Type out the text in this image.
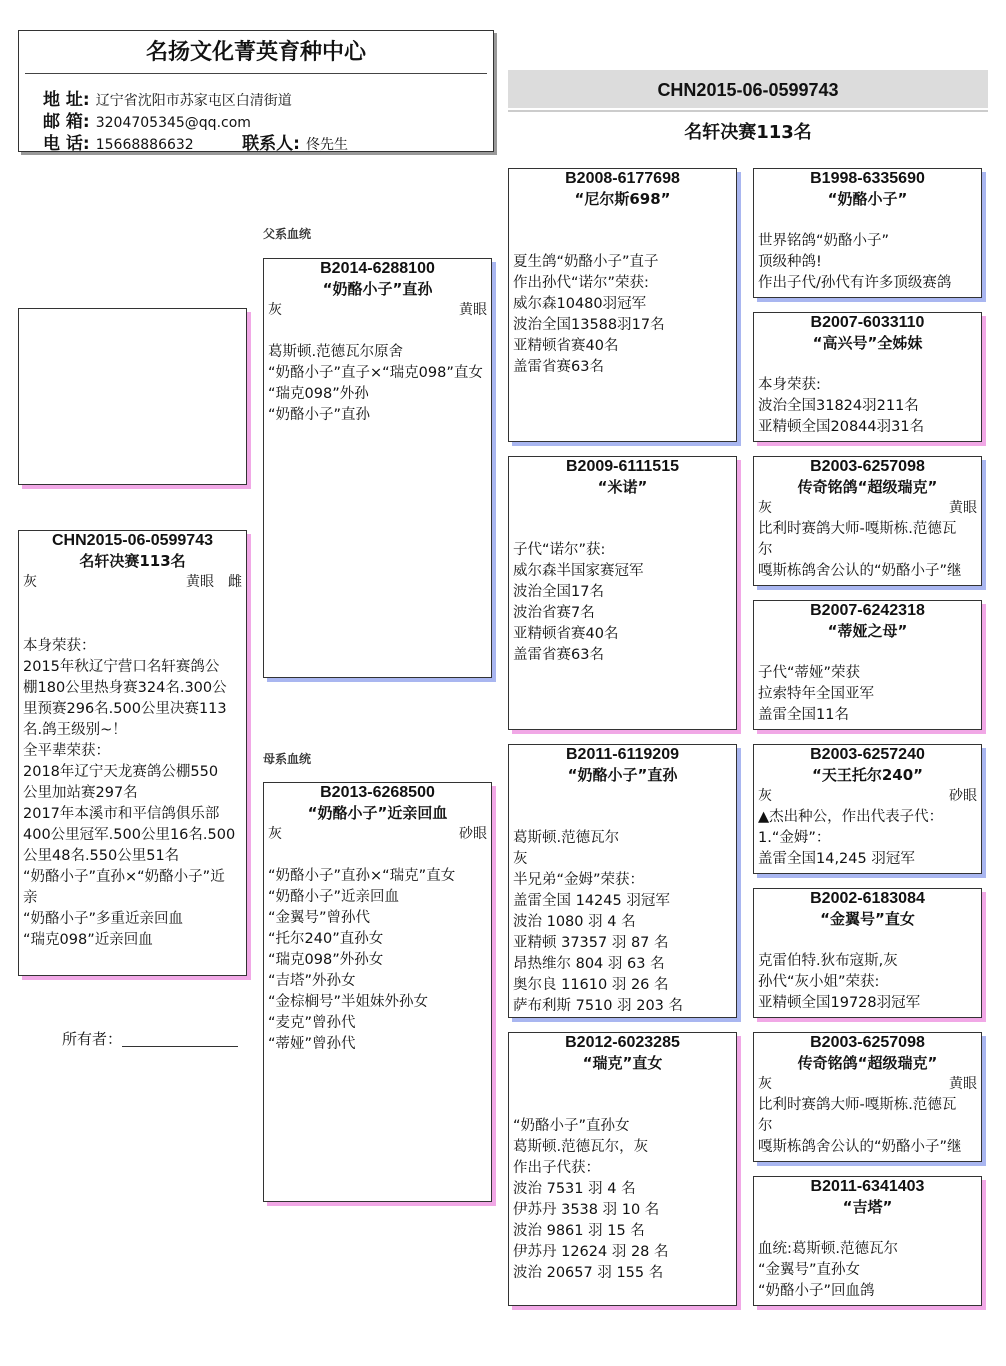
名扬文化菁英育种中心
地 址: 辽宁省沈阳市苏家屯区白清街道
邮 箱: 3204705345@qq.com
电 话: 15668886632	联系人: 佟先生
CHN2015-06-0599743
名轩决赛113名
CHN2015-06-0599743
名轩决赛113名
灰	黄眼 雌
本身荣获：
2015年秋辽宁营口名轩赛鸽公
棚180公里热身赛324名.300公
里预赛296名.500公里决赛113
名.鸽王级别~！
全平辈荣获：
2018年辽宁天龙赛鸽公棚550
公里加站赛297名
2017年本溪市和平信鸽俱乐部
400公里冠军.500公里16名.500
公里48名.550公里51名
“奶酪小子”直孙×“奶酪小子”近
亲
“奶酪小子”多重近亲回血
“瑞克098”近亲回血
所有者：
父系血统
母系血统
B2014-6288100
“奶酪小子”直孙
灰	黄眼
葛斯顿.范德瓦尔原舍
“奶酪小子”直子×“瑞克098”直女
“瑞克098”外孙
“奶酪小子”直孙
B2013-6268500
“奶酪小子”近亲回血
灰	砂眼
“奶酪小子”直孙×“瑞克”直女
“奶酪小子”近亲回血
“金翼号”曾孙代
“托尔240”直孙女
“瑞克098”外孙女
“吉塔”外孙女
“金棕榈号”半姐妹外孙女
“麦克”曾孙代
“蒂娅”曾孙代
B2008-6177698
“尼尔斯698”
夏生鸽“奶酪小子”直子
作出孙代“诺尔”荣获:
威尔森10480羽冠军
波治全国13588羽17名
亚精顿省赛40名
盖雷省赛63名
B2009-6111515
“米诺”
子代“诺尔”获:
威尔森半国家赛冠军
波治全国17名
波治省赛7名
亚精顿省赛40名
盖雷省赛63名
B2011-6119209
“奶酪小子”直孙
葛斯顿.范德瓦尔
灰
半兄弟“金姆”荣获：
盖雷全国 14245 羽冠军
波治 1080 羽 4 名
亚精顿 37357 羽 87 名
昂热维尔 804 羽 63 名
奥尔良 11610 羽 26 名
萨布利斯 7510 羽 203 名
B2012-6023285
“瑞克”直女
“奶酪小子”直孙女
葛斯顿.范德瓦尔，灰
作出子代获：
波治 7531 羽 4 名
伊苏丹 3538 羽 10 名
波治 9861 羽 15 名
伊苏丹 12624 羽 28 名
波治 20657 羽 155 名
B1998-6335690
“奶酪小子”
世界铭鸽“奶酪小子”
顶级种鸽!
作出子代/孙代有许多顶级赛鸽
B2007-6033110
“高兴号”全姊妹
本身荣获:
波治全国31824羽211名
亚精顿全国20844羽31名
B2003-6257098
传奇铭鸽“超级瑞克”
灰	黄眼
比利时赛鸽大师-嘎斯栋.范德瓦
尔
嘎斯栋鸽舍公认的“奶酪小子”继
B2007-6242318
“蒂娅之母”
子代“蒂娅”荣获
拉索特年全国亚军
盖雷全国11名
B2003-6257240
“天王托尔240”
灰	砂眼
▲杰出种公，作出代表子代：
1.“金姆”：
盖雷全国14,245 羽冠军
B2002-6183084
“金翼号”直女
克雷伯特.狄布寇斯,灰
孙代“灰小姐”荣获:
亚精顿全国19728羽冠军
B2003-6257098
传奇铭鸽“超级瑞克”
灰	黄眼
比利时赛鸽大师-嘎斯栋.范德瓦
尔
嘎斯栋鸽舍公认的“奶酪小子”继
B2011-6341403
“吉塔”
血统:葛斯顿.范德瓦尔
“金翼号”直孙女
“奶酪小子”回血鸽
